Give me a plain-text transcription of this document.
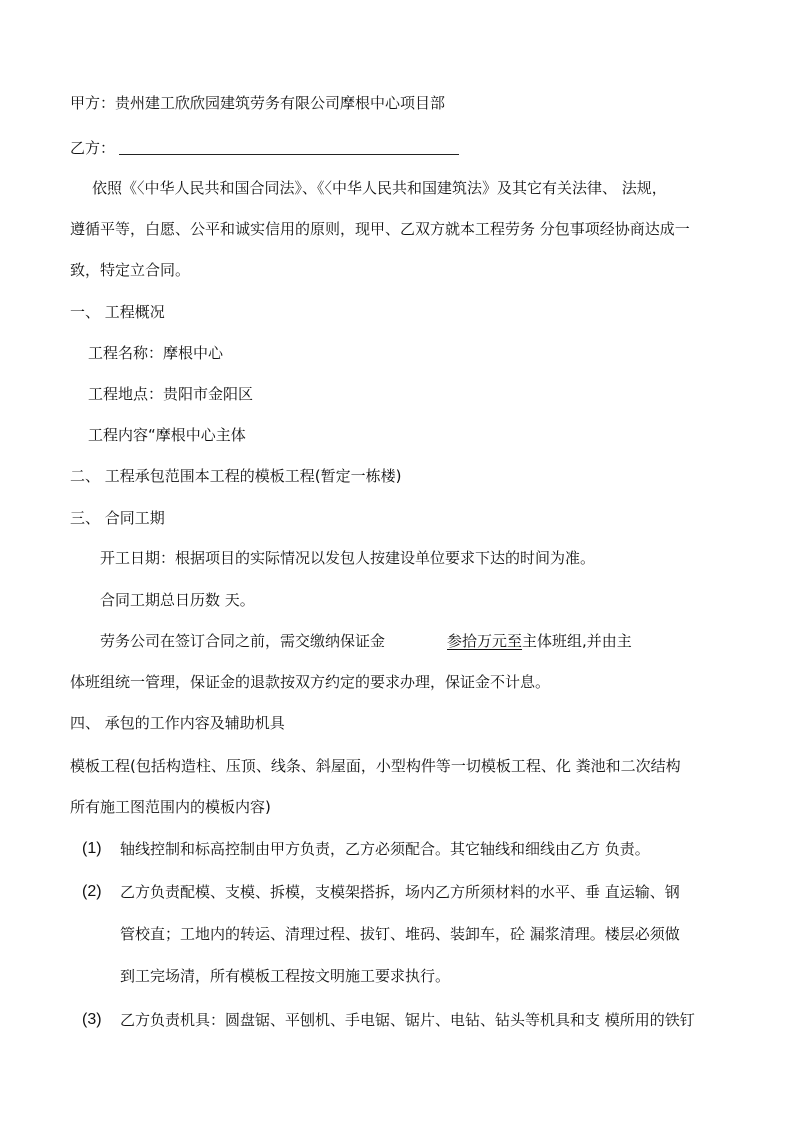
甲方：贵州建工欣欣园建筑劳务有限公司摩根中心项目部
乙方：
依照《〈中华人民共和国合同法》、《〈中华人民共和国建筑法》及其它有关法律、 法规，
遵循平等，白愿、公平和诚实信用的原则，现甲、乙双方就本工程劳务 分包事项经协商达成一
致，特定立合同。
一、 工程概况
工程名称：摩根中心
工程地点：贵阳市金阳区
工程内容“摩根中心主体
二、 工程承包范围本工程的模板工程(暂定一栋楼)
三、 合同工期
开工日期：根据项目的实际情况以发包人按建设单位要求下达的时间为准。
合同工期总日历数 天。
劳务公司在签订合同之前，需交缴纳保证金	参拾万元至主体班组,并由主
体班组统一管理，保证金的退款按双方约定的要求办理，保证金不计息。
四、 承包的工作内容及辅助机具
模板工程(包括构造柱、压顶、线条、斜屋面，小型构件等一切模板工程、化 粪池和二次结构
所有施工图范围内的模板内容)
(1) 轴线控制和标高控制由甲方负责，乙方必须配合。其它轴线和细线由乙方 负责。
(2) 乙方负责配模、支模、拆模，支模架搭拆，场内乙方所须材料的水平、垂 直运输、钢
管校直；工地内的转运、清理过程、拔钉、堆码、装卸车，砼 漏浆清理。楼层必须做
到工完场清，所有模板工程按文明施工要求执行。
(3) 乙方负责机具：圆盘锯、平刨机、手电锯、锯片、电钻、钻头等机具和支 模所用的铁钉
